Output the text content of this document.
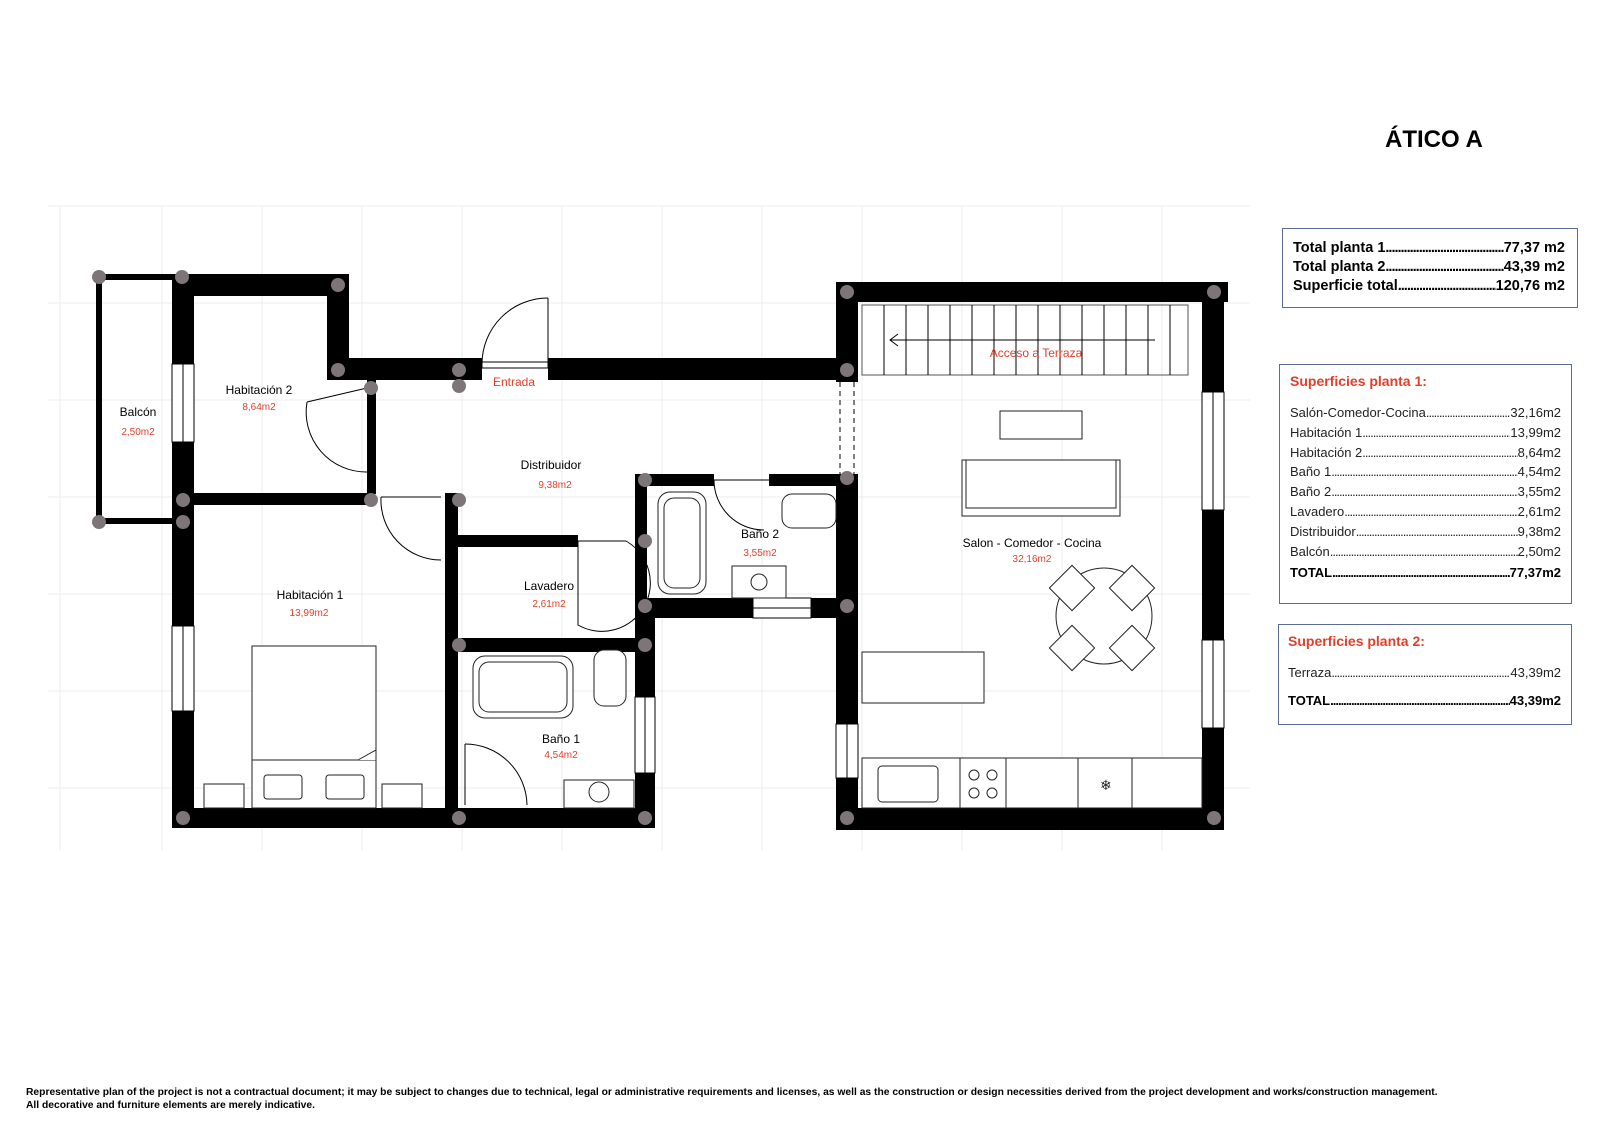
❄
Balcón
2,50m2
Habitación 2
8,64m2
Entrada
Distribuidor
9,38m2
Habitación 1
13,99m2
Lavadero
2,61m2
Baño 2
3,55m2
Baño 1
4,54m2
Salon - Comedor - Cocina
32,16m2
Acceso a Terraza
ÁTICO A
Total planta 1 .....	77,37 m2
Total planta 2 .....	43,39 m2
Superficie total .....	120,76 m2
Superficies planta 1:
Salón-Comedor-Cocina .....	32,16m2
Habitación 1 .....	13,99m2
Habitación 2 .....	8,64m2
Baño 1 .....	4,54m2
Baño 2 .....	3,55m2
Lavadero .....	2,61m2
Distribuidor .....	9,38m2
Balcón .....	2,50m2
TOTAL .....	77,37m2
Superficies planta 2:
Terraza .....	43,39m2
TOTAL .....	43,39m2
Representative plan of the project is not a contractual document; it may be subject to changes due to technical, legal or administrative requirements and licenses, as well as the construction or design necessities derived from the project development and works/construction management. All decorative and furniture elements are merely indicative.
